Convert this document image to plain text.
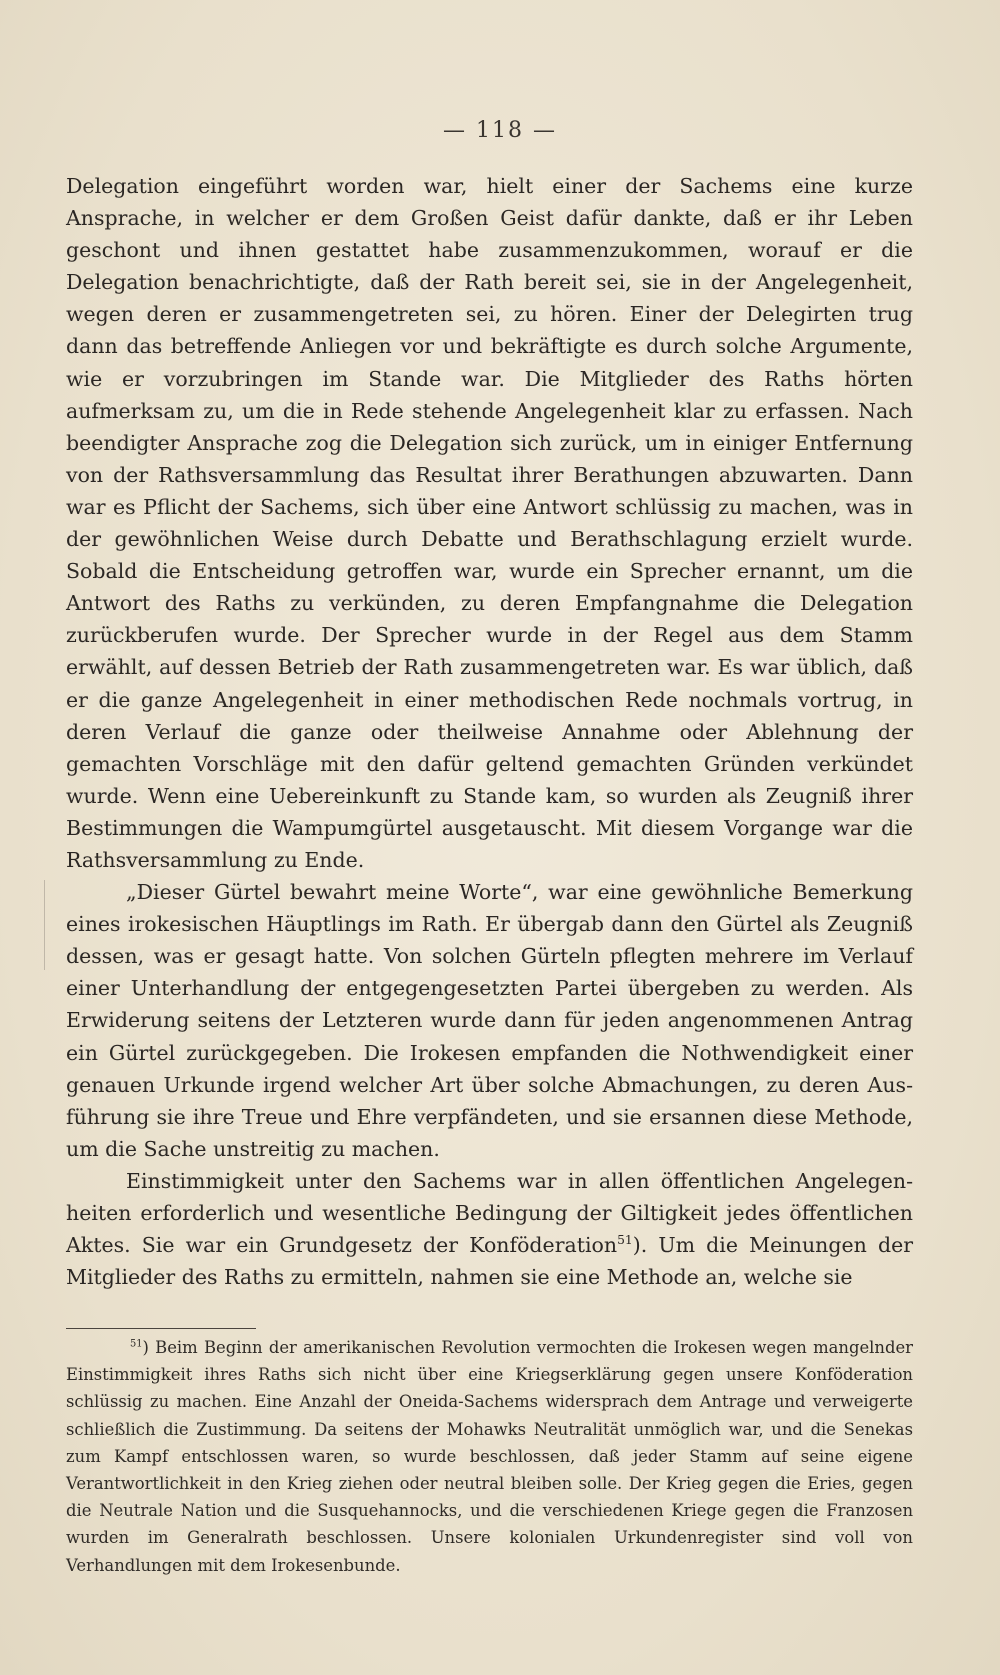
— 118 —

Delegation eingeführt worden war, hielt einer der Sachems eine kurze Ansprache, in welcher er dem Großen Geist dafür dankte, daß er ihr Leben geschont und ihnen gestattet habe zusammenzukommen, worauf er die Delegation benachrichtigte, daß der Rath bereit sei, sie in der Angelegenheit, wegen deren er zusammengetreten sei, zu hören. Einer der Delegirten trug dann das betreffende Anliegen vor und bekräftigte es durch solche Argumente, wie er vorzubringen im Stande war. Die Mitglieder des Raths hörten aufmerksam zu, um die in Rede stehende Angelegenheit klar zu erfassen. Nach beendigter Ansprache zog die Delegation sich zurück, um in einiger Entfernung von der Rathsversammlung das Resultat ihrer Berathungen abzuwarten. Dann war es Pflicht der Sachems, sich über eine Antwort schlüssig zu machen, was in der gewöhnlichen Weise durch Debatte und Berathschlagung erzielt wurde. Sobald die Entscheidung getroffen war, wurde ein Sprecher ernannt, um die Antwort des Raths zu verkünden, zu deren Empfangnahme die Delegation zurückberufen wurde. Der Sprecher wurde in der Regel aus dem Stamm erwählt, auf dessen Betrieb der Rath zusammengetreten war. Es war üblich, daß er die ganze Angelegenheit in einer methodischen Rede nochmals vortrug, in deren Verlauf die ganze oder theilweise Annahme oder Ablehnung der gemachten Vorschläge mit den dafür geltend gemachten Gründen verkündet wurde. Wenn eine Uebereinkunft zu Stande kam, so wurden als Zeugniß ihrer Bestimmungen die Wampumgürtel ausgetauscht. Mit diesem Vorgange war die Rathsversammlung zu Ende.

„Dieser Gürtel bewahrt meine Worte“, war eine gewöhnliche Bemerkung eines irokesischen Häuptlings im Rath. Er übergab dann den Gürtel als Zeugniß dessen, was er gesagt hatte. Von solchen Gürteln pflegten mehrere im Verlauf einer Unterhandlung der entgegengesetzten Partei übergeben zu werden. Als Erwiderung seitens der Letzteren wurde dann für jeden angenommenen Antrag ein Gürtel zurückgegeben. Die Irokesen empfanden die Nothwendigkeit einer genauen Urkunde irgend welcher Art über solche Abmachungen, zu deren Ausführung sie ihre Treue und Ehre verpfändeten, und sie ersannen diese Methode, um die Sache unstreitig zu machen.

Einstimmigkeit unter den Sachems war in allen öffentlichen Angelegenheiten erforderlich und wesentliche Bedingung der Giltigkeit jedes öffentlichen Aktes. Sie war ein Grundgesetz der Konföderation$^{51}$). Um die Meinungen der Mitglieder des Raths zu ermitteln, nahmen sie eine Methode an, welche sie

$^{51}$) Beim Beginn der amerikanischen Revolution vermochten die Irokesen wegen mangelnder Einstimmigkeit ihres Raths sich nicht über eine Kriegserklärung gegen unsere Konföderation schlüssig zu machen. Eine Anzahl der Oneida-Sachems widersprach dem Antrage und verweigerte schließlich die Zustimmung. Da seitens der Mohawks Neutralität unmöglich war, und die Senekas zum Kampf entschlossen waren, so wurde beschlossen, daß jeder Stamm auf seine eigene Verantwortlichkeit in den Krieg ziehen oder neutral bleiben solle. Der Krieg gegen die Eries, gegen die Neutrale Nation und die Susquehannocks, und die verschiedenen Kriege gegen die Franzosen wurden im Generalrath beschlossen. Unsere kolonialen Urkundenregister sind voll von Verhandlungen mit dem Irokesenbunde.
